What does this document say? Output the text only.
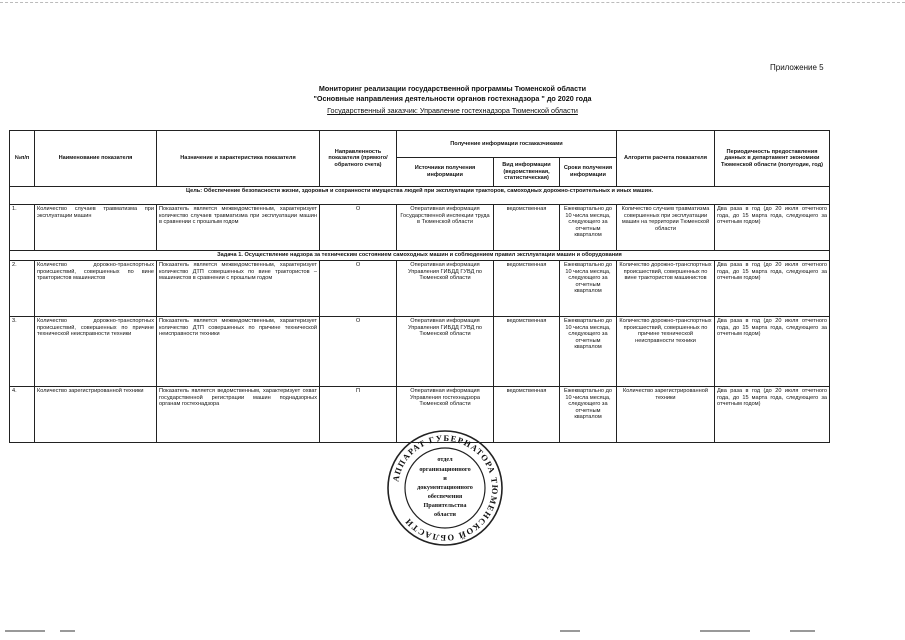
Приложение 5
Мониторинг реализации государственной программы Тюменской области
"Основные направления деятельности органов гостехнадзора " до 2020 года
Государственный заказчик: Управление гостехнадзора Тюменской области
№п/п	Наименование показателя	Назначение и характеристика показателя	Направленность показателя (прямого/обратного счета)	Получение информации госзаказчиками			Алгоритм расчета показателя	Периодичность предоставления данных в департамент экономики Тюменской области (полугодие, год)
				Источники получения информации	Вид информации (ведомственная, статистическая)	Сроки получения информации		
Цель: Обеспечение безопасности жизни, здоровья и сохранности имущества людей при эксплуатации тракторов, самоходных дорожно-строительных и иных машин.								
1.	Количество случаев травматизма при эксплуатации машин	Показатель является межведомственным, характеризует количество случаев травматизма при эксплуатации машин в сравнении с прошлым годом	О	Оперативная информация Государственной инспекции труда в Тюменской области	ведомственная	Ежеквартально до 10 числа месяца, следующего за отчетным кварталом	Количество случаев травматизма совершенных при эксплуатации машин на территории Тюменской области	Два раза в год (до 20 июля отчетного года, до 15 марта года, следующего за отчетным годом)
Задача 1. Осуществление надзора за техническим состоянием самоходных машин и соблюдением правил эксплуатации машин и оборудования								
2.	Количество дорожно-транспортных происшествий, совершенных по вине трактористов машинистов	Показатель является межведомственным, характеризует количество ДТП совершенных по вине трактористов – машинистов в сравнении с прошлым годом	О	Оперативная информация Управления ГИБДД ГУВД по Тюменской области	ведомственная	Ежеквартально до 10 числа месяца, следующего за отчетным кварталом	Количество дорожно-транспортных происшествий, совершенных по вине трактористов машинистов	Два раза в год (до 20 июля отчетного года, до 15 марта года, следующего за отчетным годом)
3.	Количество дорожно-транспортных происшествий, совершенных по причине технической неисправности техники	Показатель является межведомственным, характеризует количество ДТП совершенных по причине технической неисправности техники	О	Оперативная информация Управления ГИБДД ГУВД по Тюменской области	ведомственная	Ежеквартально до 10 числа месяца, следующего за отчетным кварталом	Количество дорожно-транспортных происшествий, совершенных по причине технической неисправности техники	Два раза в год (до 20 июля отчетного года, до 15 марта года, следующего за отчетным годом)
4.	Количество зарегистрированной техники	Показатель является ведомственным, характеризует охват государственной регистрации машин поднадзорных органам гостехнадзора	П	Оперативная информация Управления гостехнадзора Тюменской области	ведомственная	Ежеквартально до 10 числа месяца, следующего за отчетным кварталом	Количество зарегистрированной техники	Два раза в год (до 20 июля отчетного года, до 15 марта года, следующего за отчетным годом)
АППАРАТ ГУБЕРНАТОРА ТЮМЕНСКОЙ ОБЛАСТИ
отдел
организационного
и
документационного
обеспечения
Правительства
области
